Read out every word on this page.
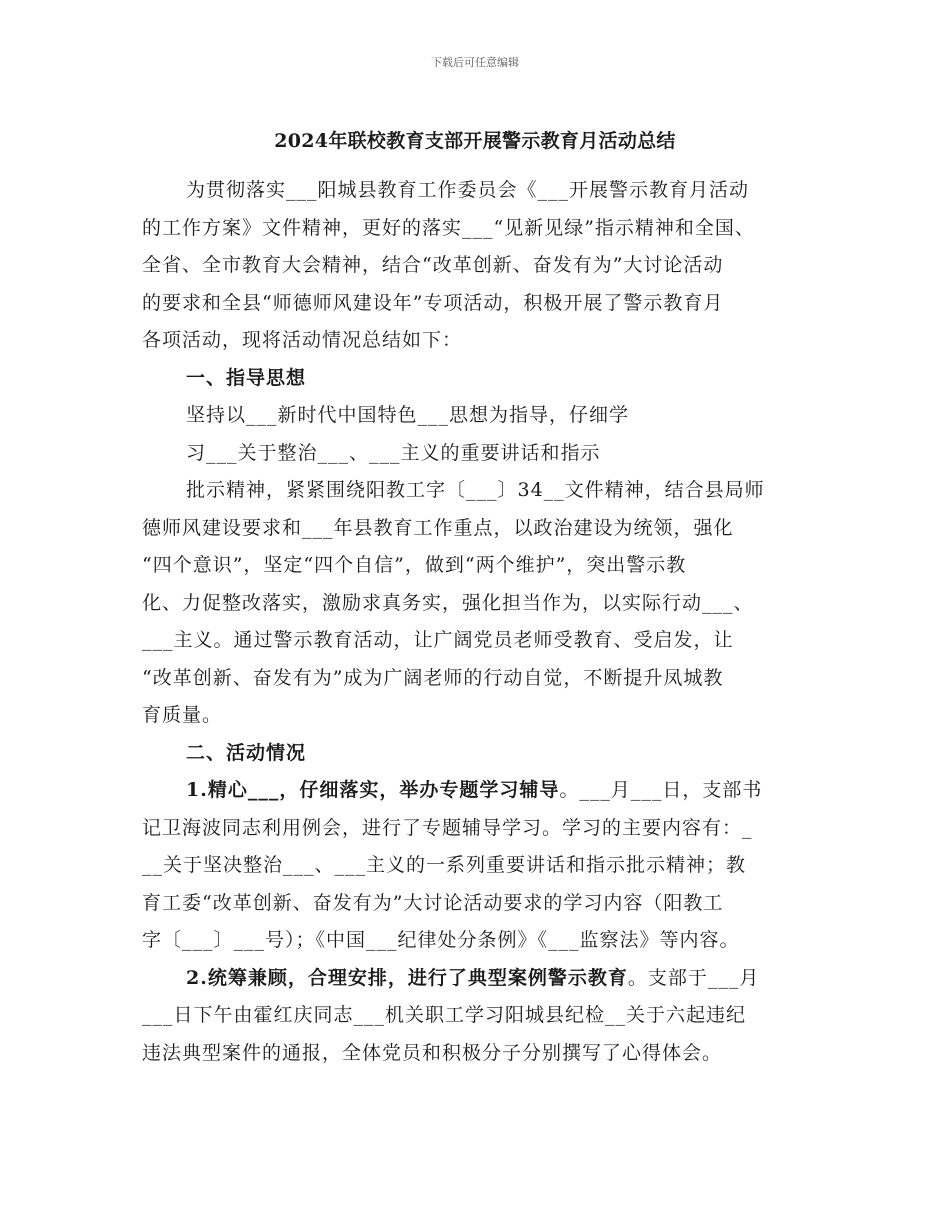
下载后可任意编辑
2024年联校教育支部开展警示教育月活动总结
为贯彻落实___阳城县教育工作委员会《___开展警示教育月活动
的工作方案》文件精神，更好的落实___“见新见绿”指示精神和全国、
全省、全市教育大会精神，结合“改革创新、奋发有为”大讨论活动
的要求和全县“师德师风建设年”专项活动，积极开展了警示教育月
各项活动，现将活动情况总结如下：
一、指导思想
坚持以___新时代中国特色___思想为指导，仔细学
习___关于整治___、___主义的重要讲话和指示
批示精神，紧紧围绕阳教工字〔___〕34__文件精神，结合县局师
德师风建设要求和___年县教育工作重点，以政治建设为统领，强化
“四个意识”，坚定“四个自信”，做到“两个维护”，突出警示教
化、力促整改落实，激励求真务实，强化担当作为，以实际行动___、
___主义。通过警示教育活动，让广阔党员老师受教育、受启发，让
“改革创新、奋发有为”成为广阔老师的行动自觉，不断提升凤城教
育质量。
二、活动情况
1.精心___，仔细落实，举办专题学习辅导。___月___日，支部书
记卫海波同志利用例会，进行了专题辅导学习。学习的主要内容有：_
__关于坚决整治___、___主义的一系列重要讲话和指示批示精神；教
育工委“改革创新、奋发有为”大讨论活动要求的学习内容（阳教工
字〔___〕___号）；《中国___纪律处分条例》《___监察法》等内容。
2.统筹兼顾，合理安排，进行了典型案例警示教育。支部于___月
___日下午由霍红庆同志___机关职工学习阳城县纪检__关于六起违纪
违法典型案件的通报，全体党员和积极分子分别撰写了心得体会。
